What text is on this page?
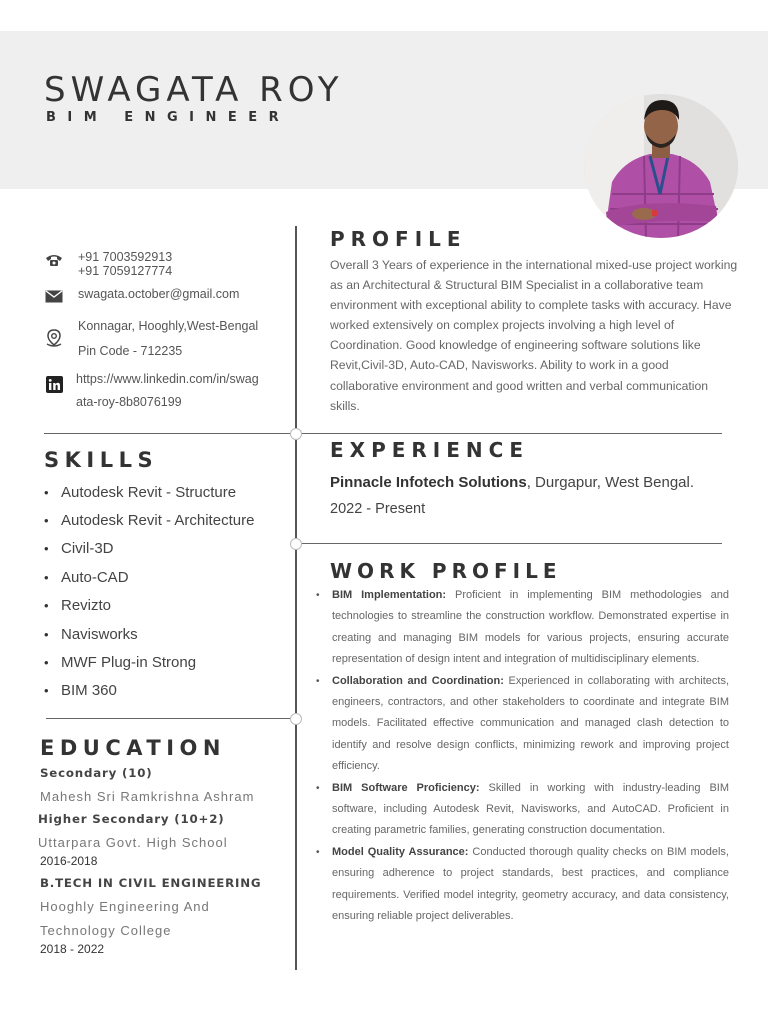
SWAGATA ROY
BIM ENGINEER
+91 7003592913
+91 7059127774
swagata.october@gmail.com
Konnagar, Hooghly,West-Bengal
Pin Code - 712235
https://www.linkedin.com/in/swag
ata-roy-8b8076199
SKILLS
• Autodesk Revit - Structure
• Autodesk Revit - Architecture
• Civil-3D
• Auto-CAD
• Revizto
• Navisworks
• MWF Plug-in Strong
• BIM 360
EDUCATION
Secondary (10)
Mahesh Sri Ramkrishna Ashram
Higher Secondary (10+2)
Uttarpara Govt. High School
2016-2018
B.TECH IN CIVIL ENGINEERING
Hooghly Engineering And
Technology College
2018 - 2022
PROFILE
Overall 3 Years of experience in the international mixed-use project working as an Architectural & Structural BIM Specialist in a collaborative team environment with exceptional ability to complete tasks with accuracy. Have worked extensively on complex projects involving a high level of Coordination. Good knowledge of engineering software solutions like Revit,Civil-3D, Auto-CAD, Navisworks. Ability to work in a good collaborative environment and good written and verbal communication skills.
EXPERIENCE
Pinnacle Infotech Solutions, Durgapur, West Bengal.
2022 - Present
WORK PROFILE
•	BIM Implementation: Proficient in implementing BIM methodologies and technologies to streamline the construction workflow. Demonstrated expertise in creating and managing BIM models for various projects, ensuring accurate representation of design intent and integration of multidisciplinary elements.
•	Collaboration and Coordination: Experienced in collaborating with architects, engineers, contractors, and other stakeholders to coordinate and integrate BIM models. Facilitated effective communication and managed clash detection to identify and resolve design conflicts, minimizing rework and improving project efficiency.
•	BIM Software Proficiency: Skilled in working with industry-leading BIM software, including Autodesk Revit, Navisworks, and AutoCAD. Proficient in creating parametric families, generating construction documentation.
•	Model Quality Assurance: Conducted thorough quality checks on BIM models, ensuring adherence to project standards, best practices, and compliance requirements. Verified model integrity, geometry accuracy, and data consistency, ensuring reliable project deliverables.
